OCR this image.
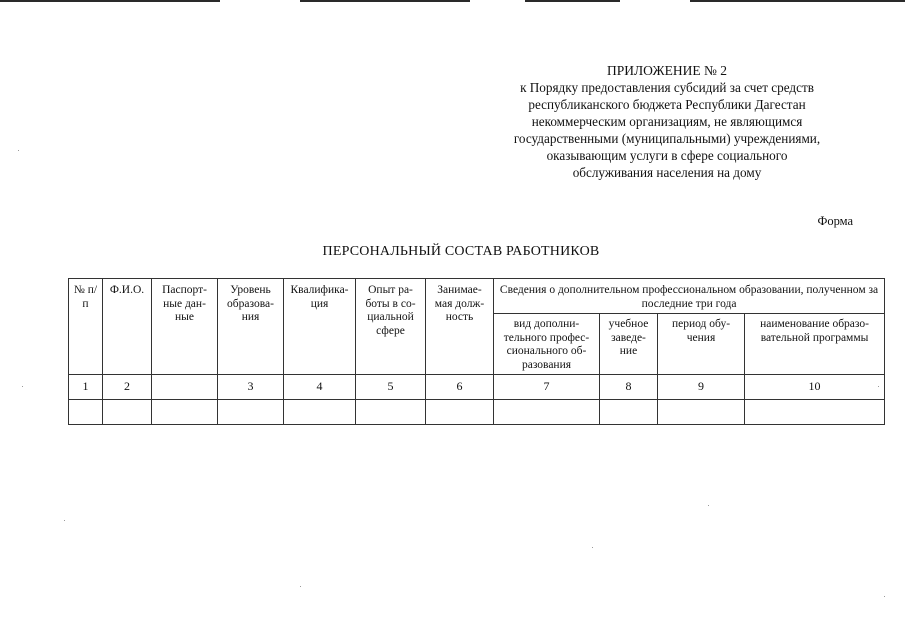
ПРИЛОЖЕНИЕ № 2
к Порядку предоставления субсидий за счет средств
республиканского бюджета Республики Дагестан
некоммерческим организациям, не являющимся
государственными (муниципальными) учреждениями,
оказывающим услуги в сфере социального
обслуживания населения на дому
Форма
ПЕРСОНАЛЬНЫЙ СОСТАВ РАБОТНИКОВ
№ п/п	Ф.И.О.	Паспорт-ные дан-ные	Уровень образова-ния	Квалифика-ция	Опыт ра-боты в со-циальной сфере	Занимае-мая долж-ность	Сведения о дополнительном профессиональном образовании, полученном за последние три года			
							вид дополни-тельного профес-сионального об-разования	учебное заведе-ние	период обу-чения	наименование образо-вательной программы
1	2		3	4	5	6	7	8	9	10
